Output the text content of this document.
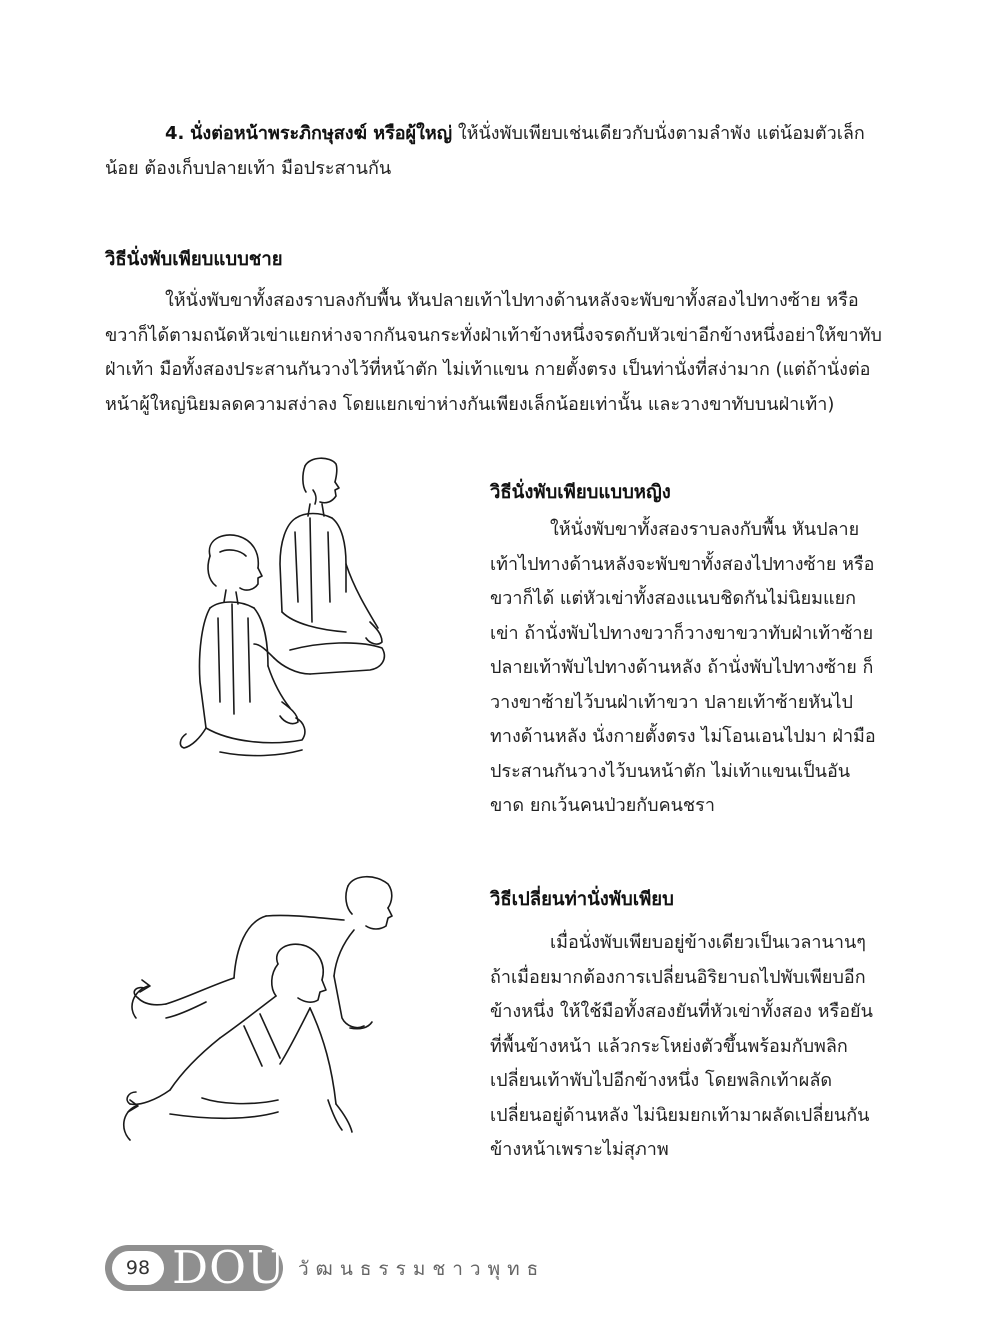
4. นั่งต่อหน้าพระภิกษุสงฆ์ หรือผู้ใหญ่ ให้นั่งพับเพียบเช่นเดียวกับนั่งตามลำพัง แต่น้อมตัวเล็กน้อย ต้องเก็บปลายเท้า มือประสานกัน

วิธีนั่งพับเพียบแบบชาย

ให้นั่งพับขาทั้งสองราบลงกับพื้น หันปลายเท้าไปทางด้านหลังจะพับขาทั้งสองไปทางซ้าย หรือขวาก็ได้ตามถนัดหัวเข่าแยกห่างจากกันจนกระทั่งฝ่าเท้าข้างหนึ่งจรดกับหัวเข่าอีกข้างหนึ่งอย่าให้ขาทับฝ่าเท้า มือทั้งสองประสานกันวางไว้ที่หน้าตัก ไม่เท้าแขน กายตั้งตรง เป็นท่านั่งที่สง่ามาก (แต่ถ้านั่งต่อหน้าผู้ใหญ่นิยมลดความสง่าลง โดยแยกเข่าห่างกันเพียงเล็กน้อยเท่านั้น และวางขาทับบนฝ่าเท้า)

วิธีนั่งพับเพียบแบบหญิง

ให้นั่งพับขาทั้งสองราบลงกับพื้น หันปลายเท้าไปทางด้านหลังจะพับขาทั้งสองไปทางซ้าย หรือขวาก็ได้ แต่หัวเข่าทั้งสองแนบชิดกันไม่นิยมแยกเข่า ถ้านั่งพับไปทางขวาก็วางขาขวาทับฝ่าเท้าซ้าย ปลายเท้าพับไปทางด้านหลัง ถ้านั่งพับไปทางซ้าย ก็วางขาซ้ายไว้บนฝ่าเท้าขวา ปลายเท้าซ้ายหันไปทางด้านหลัง นั่งกายตั้งตรง ไม่โอนเอนไปมา ฝ่ามือประสานกันวางไว้บนหน้าตัก ไม่เท้าแขนเป็นอันขาด ยกเว้นคนป่วยกับคนชรา

วิธีเปลี่ยนท่านั่งพับเพียบ

เมื่อนั่งพับเพียบอยู่ข้างเดียวเป็นเวลานานๆ ถ้าเมื่อยมากต้องการเปลี่ยนอิริยาบถไปพับเพียบอีกข้างหนึ่ง ให้ใช้มือทั้งสองยันที่หัวเข่าทั้งสอง หรือยันที่พื้นข้างหน้า แล้วกระโหย่งตัวขึ้นพร้อมกับพลิกเปลี่ยนเท้าพับไปอีกข้างหนึ่ง โดยพลิกเท้าผลัดเปลี่ยนอยู่ด้านหลัง ไม่นิยมยกเท้ามาผลัดเปลี่ยนกันข้างหน้าเพราะไม่สุภาพ

98 DOU วัฒนธรรมชาวพุทธ
